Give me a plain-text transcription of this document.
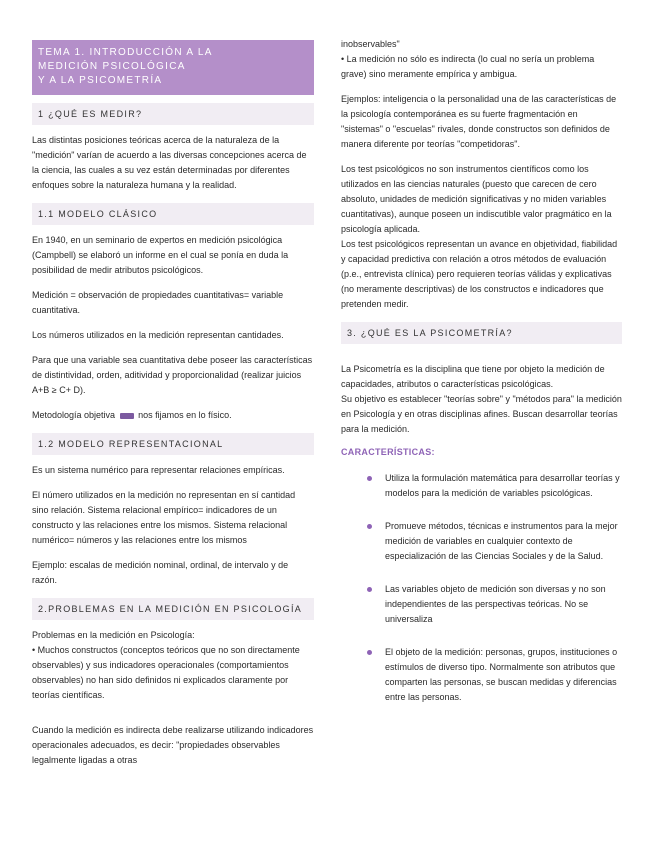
TEMA 1. INTRODUCCIÓN A LA
MEDICIÓN PSICOLÓGICA
Y A LA PSICOMETRÍA
1 ¿QUÉ ES MEDIR?

Las distintas posiciones teóricas acerca de la naturaleza de la "medición" varían de acuerdo a las diversas concepciones acerca de la ciencia, las cuales a su vez están determinadas por diferentes enfoques sobre la naturaleza humana y la realidad.

1.1 MODELO CLÁSICO

En 1940, en un seminario de expertos en medición psicológica (Campbell) se elaboró un informe en el cual se ponía en duda la posibilidad de medir atributos psicológicos.

Medición = observación de propiedades cuantitativas= variable cuantitativa.

Los números utilizados en la medición representan cantidades.

Para que una variable sea cuantitativa debe poseer las características de distintividad, orden, aditividad y proporcionalidad (realizar juicios A+B ≥ C+ D).

Metodología objetiva	nos fijamos en lo físico.

1.2 MODELO REPRESENTACIONAL

Es un sistema numérico para representar relaciones empíricas.

El número utilizados en la medición no representan en sí cantidad sino relación. Sistema relacional empírico= indicadores de un constructo y las relaciones entre los mismos. Sistema relacional numérico= números y las relaciones entre los mismos

Ejemplo: escalas de medición nominal, ordinal, de intervalo y de razón.

2.PROBLEMAS EN LA MEDICIÓN EN PSICOLOGÍA

Problemas en la medición en Psicología:

• Muchos constructos (conceptos teóricos que no son directamente observables) y sus indicadores operacionales (comportamientos observables) no han sido definidos ni explicados claramente por teorías científicas.

Cuando la medición es indirecta debe realizarse utilizando indicadores operacionales adecuados, es decir: "propiedades observables legalmente ligadas a otras

inobservables"

• La medición no sólo es indirecta (lo cual no sería un problema grave) sino meramente empírica y ambigua.

Ejemplos: inteligencia o la personalidad una de las características de la psicología contemporánea es su fuerte fragmentación en "sistemas" o "escuelas" rivales, donde constructos son definidos de manera diferente por teorías "competidoras".

Los test psicológicos no son instrumentos científicos como los utilizados en las ciencias naturales (puesto que carecen de cero absoluto, unidades de medición significativas y no miden variables cuantitativas), aunque poseen un indiscutible valor pragmático en la psicología aplicada.

Los test psicológicos representan un avance en objetividad, fiabilidad y capacidad predictiva con relación a otros métodos de evaluación (p.e., entrevista clínica) pero requieren teorías válidas y explicativas (no meramente descriptivas) de los constructos e indicadores que pretenden medir.

3. ¿QUÉ ES LA PSICOMETRÍA?

La Psicometría es la disciplina que tiene por objeto la medición de capacidades, atributos o características psicológicas.

Su objetivo es establecer "teorías sobre" y "métodos para" la medición en Psicología y en otras disciplinas afines. Buscan desarrollar teorías para la medición.

CARACTERÍSTICAS:
Utiliza la formulación matemática para desarrollar teorías y modelos para la medición de variables psicológicas.
Promueve métodos, técnicas e instrumentos para la mejor medición de variables en cualquier contexto de especialización de las Ciencias Sociales y de la Salud.
Las variables objeto de medición son diversas y no son independientes de las perspectivas teóricas. No se universaliza
El objeto de la medición: personas, grupos, instituciones o estímulos de diverso tipo. Normalmente son atributos que comparten las personas, se buscan medidas y diferencias entre las personas.
